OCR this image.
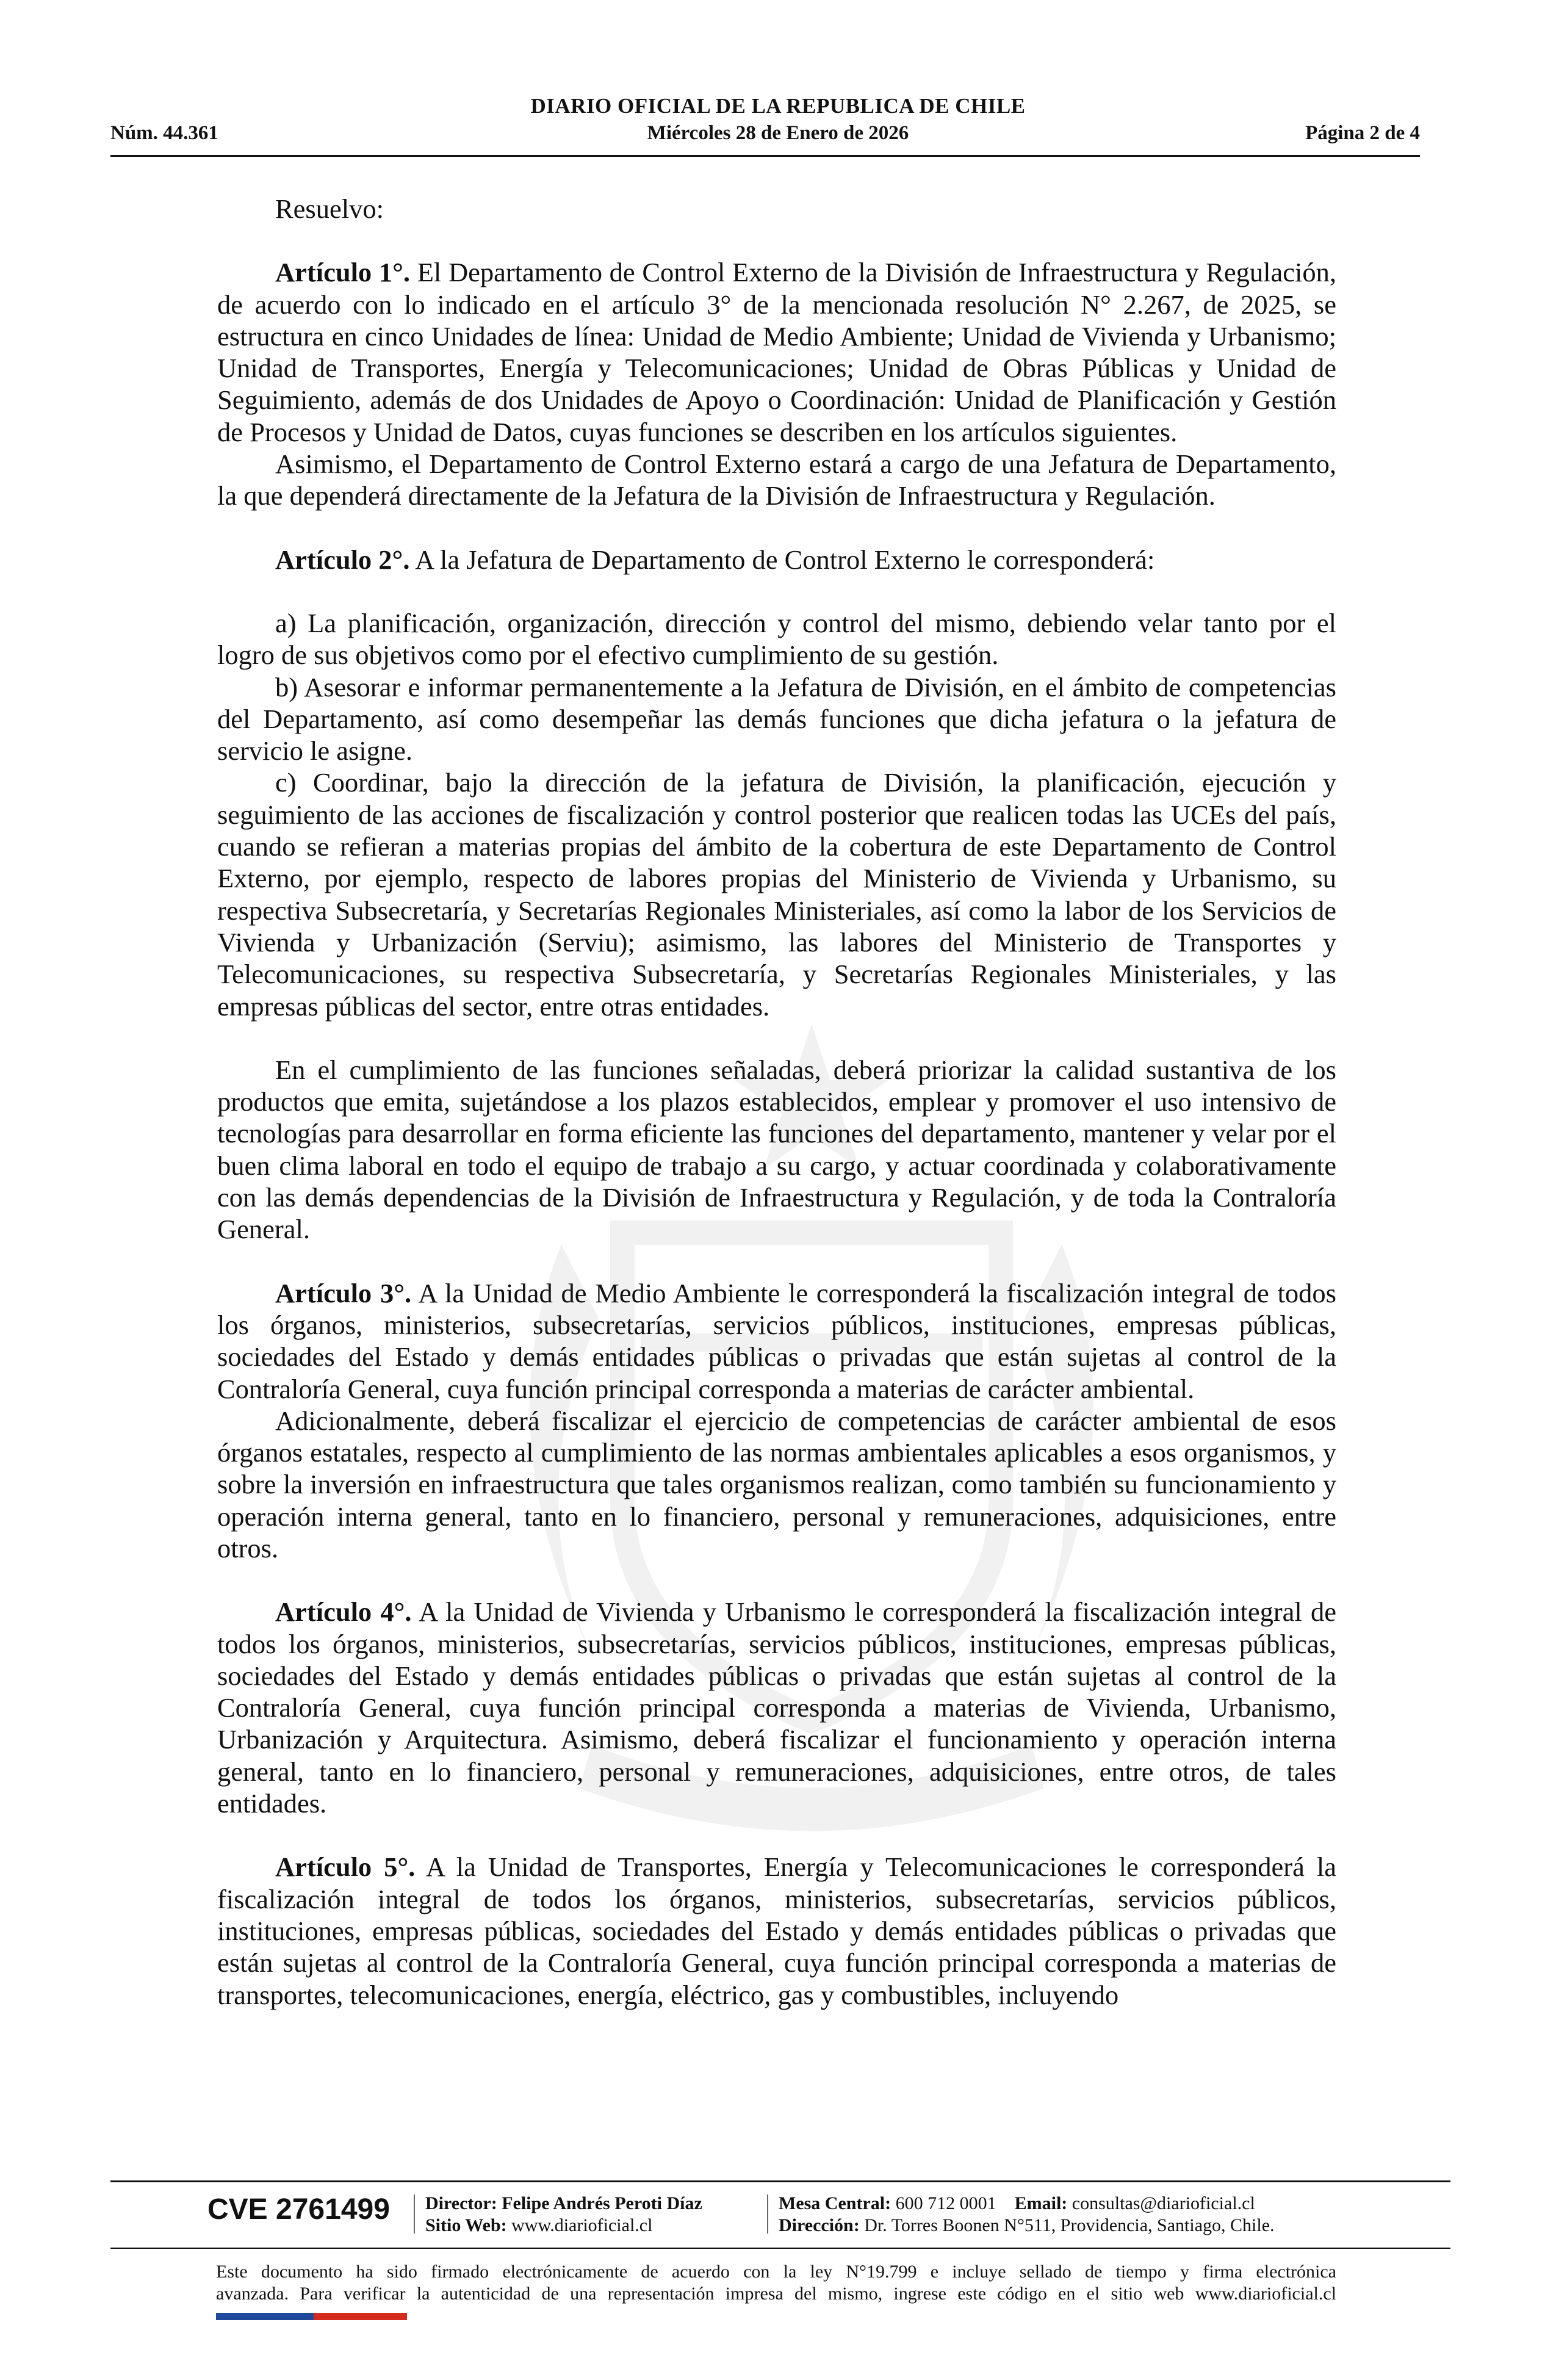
DIARIO OFICIAL DE LA REPUBLICA DE CHILE
Núm. 44.361	Miércoles 28 de Enero de 2026	Página 2 de 4

Resuelvo:

Artículo 1°. El Departamento de Control Externo de la División de Infraestructura y Regulación, de acuerdo con lo indicado en el artículo 3° de la mencionada resolución N° 2.267, de 2025, se estructura en cinco Unidades de línea: Unidad de Medio Ambiente; Unidad de Vivienda y Urbanismo; Unidad de Transportes, Energía y Telecomunicaciones; Unidad de Obras Públicas y Unidad de Seguimiento, además de dos Unidades de Apoyo o Coordinación: Unidad de Planificación y Gestión de Procesos y Unidad de Datos, cuyas funciones se describen en los artículos siguientes.

Asimismo, el Departamento de Control Externo estará a cargo de una Jefatura de Departamento, la que dependerá directamente de la Jefatura de la División de Infraestructura y Regulación.

Artículo 2°. A la Jefatura de Departamento de Control Externo le corresponderá:

a) La planificación, organización, dirección y control del mismo, debiendo velar tanto por el logro de sus objetivos como por el efectivo cumplimiento de su gestión.

b) Asesorar e informar permanentemente a la Jefatura de División, en el ámbito de competencias del Departamento, así como desempeñar las demás funciones que dicha jefatura o la jefatura de servicio le asigne.

c) Coordinar, bajo la dirección de la jefatura de División, la planificación, ejecución y seguimiento de las acciones de fiscalización y control posterior que realicen todas las UCEs del país, cuando se refieran a materias propias del ámbito de la cobertura de este Departamento de Control Externo, por ejemplo, respecto de labores propias del Ministerio de Vivienda y Urbanismo, su respectiva Subsecretaría, y Secretarías Regionales Ministeriales, así como la labor de los Servicios de Vivienda y Urbanización (Serviu); asimismo, las labores del Ministerio de Transportes y Telecomunicaciones, su respectiva Subsecretaría, y Secretarías Regionales Ministeriales, y las empresas públicas del sector, entre otras entidades.

En el cumplimiento de las funciones señaladas, deberá priorizar la calidad sustantiva de los productos que emita, sujetándose a los plazos establecidos, emplear y promover el uso intensivo de tecnologías para desarrollar en forma eficiente las funciones del departamento, mantener y velar por el buen clima laboral en todo el equipo de trabajo a su cargo, y actuar coordinada y colaborativamente con las demás dependencias de la División de Infraestructura y Regulación, y de toda la Contraloría General.

Artículo 3°. A la Unidad de Medio Ambiente le corresponderá la fiscalización integral de todos los órganos, ministerios, subsecretarías, servicios públicos, instituciones, empresas públicas, sociedades del Estado y demás entidades públicas o privadas que están sujetas al control de la Contraloría General, cuya función principal corresponda a materias de carácter ambiental.

Adicionalmente, deberá fiscalizar el ejercicio de competencias de carácter ambiental de esos órganos estatales, respecto al cumplimiento de las normas ambientales aplicables a esos organismos, y sobre la inversión en infraestructura que tales organismos realizan, como también su funcionamiento y operación interna general, tanto en lo financiero, personal y remuneraciones, adquisiciones, entre otros.

Artículo 4°. A la Unidad de Vivienda y Urbanismo le corresponderá la fiscalización integral de todos los órganos, ministerios, subsecretarías, servicios públicos, instituciones, empresas públicas, sociedades del Estado y demás entidades públicas o privadas que están sujetas al control de la Contraloría General, cuya función principal corresponda a materias de Vivienda, Urbanismo, Urbanización y Arquitectura. Asimismo, deberá fiscalizar el funcionamiento y operación interna general, tanto en lo financiero, personal y remuneraciones, adquisiciones, entre otros, de tales entidades.

Artículo 5°. A la Unidad de Transportes, Energía y Telecomunicaciones le corresponderá la fiscalización integral de todos los órganos, ministerios, subsecretarías, servicios públicos, instituciones, empresas públicas, sociedades del Estado y demás entidades públicas o privadas que están sujetas al control de la Contraloría General, cuya función principal corresponda a materias de transportes, telecomunicaciones, energía, eléctrico, gas y combustibles, incluyendo

CVE 2761499 Director: Felipe Andrés Peroti Díaz
Sitio Web: www.diarioficial.cl
Mesa Central: 600 712 0001 Email: consultas@diarioficial.cl
Dirección: Dr. Torres Boonen N°511, Providencia, Santiago, Chile.
Este documento ha sido firmado electrónicamente de acuerdo con la ley N°19.799 e incluye sellado de tiempo y firma electrónica
avanzada. Para verificar la autenticidad de una representación impresa del mismo, ingrese este código en el sitio web www.diarioficial.cl
